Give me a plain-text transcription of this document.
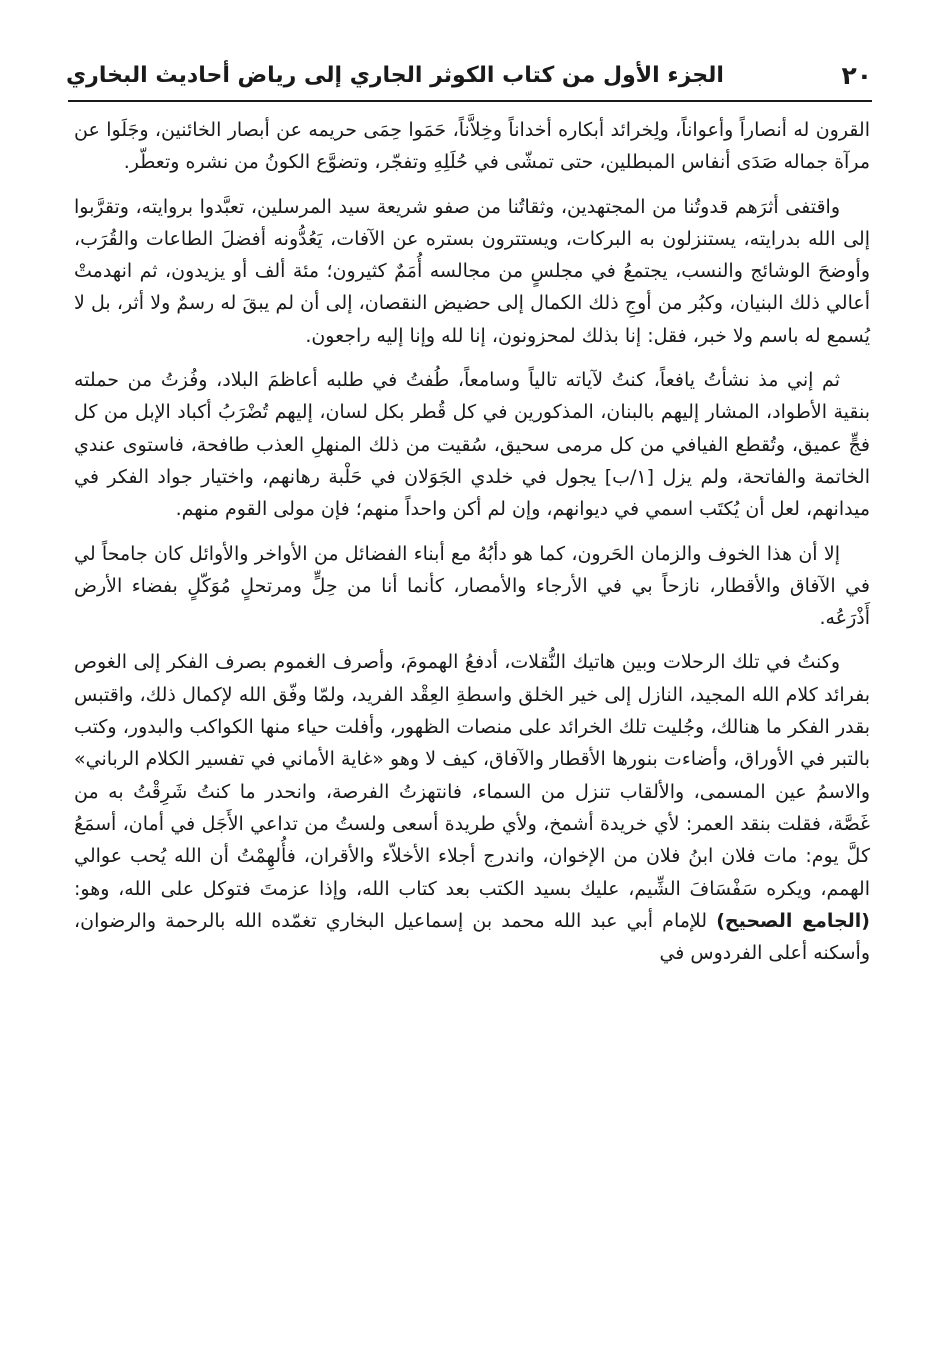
٢٠
الجزء الأول من كتاب الكوثر الجاري إلى رياض أحاديث البخاري

القرون له أنصاراً وأعواناً، ولِخرائد أبكاره أخداناً وخِلاَّناً، حَمَوا حِمَى حريمه عن أبصار الخائنين، وجَلَوا عن مرآة جماله صَدَى أنفاس المبطلين، حتى تمشّى في حُلَلِهِ وتفجّر، وتضوَّع الكونُ من نشره وتعطّر.

واقتفى أثرَهم قدوتُنا من المجتهدين، وثقاتُنا من صفو شريعة سيد المرسلين، تعبَّدوا بروايته، وتقرَّبوا إلى الله بدرايته، يستنزلون به البركات، ويستترون بستره عن الآفات، يَعُدُّونه أفضلَ الطاعات والقُرَب، وأوضحَ الوشائج والنسب، يجتمعُ في مجلسٍ من مجالسه أُمَمٌ كثيرون؛ مئة ألف أو يزيدون، ثم انهدمتْ أعالي ذلك البنيان، وكبُر من أوجِ ذلك الكمال إلى حضيض النقصان، إلى أن لم يبقَ له رسمٌ ولا أثر، بل لا يُسمع له باسم ولا خبر، فقل: إنا بذلك لمحزونون، إنا لله وإنا إليه راجعون.

ثم إني مذ نشأتُ يافعاً، كنتُ لآياته تالياً وسامعاً، طُفتُ في طلبه أعاظمَ البلاد، وفُزتُ من حملته بنقية الأطواد، المشار إليهم بالبنان، المذكورين في كل قُطر بكل لسان، إليهم تُضْرَبُ أكباد الإبل من كل فجٍّ عميق، وتُقطع الفيافي من كل مرمى سحيق، سُقيت من ذلك المنهلِ العذب طافحة، فاستوى عندي الخاتمة والفاتحة، ولم يزل [١/ب] يجول في خلدي الجَوَلان في حَلْبة رهانهم، واختيار جواد الفكر في ميدانهم، لعل أن يُكتَب اسمي في ديوانهم، وإن لم أكن واحداً منهم؛ فإن مولى القوم منهم.

إلا أن هذا الخوف والزمان الحَرون، كما هو دأبُهُ مع أبناء الفضائل من الأواخر والأوائل كان جامحاً لي في الآفاق والأقطار، نازحاً بي في الأرجاء والأمصار، كأنما أنا من حِلٍّ ومرتحلٍ مُوَكّلٍ بفضاء الأرض أَذْرَعُه.

وكنتُ في تلك الرحلات وبين هاتيك النُّقلات، أدفعُ الهمومَ، وأصرف الغموم بصرف الفكر إلى الغوص بفرائد كلام الله المجيد، النازل إلى خير الخلق واسطةِ العِقْد الفريد، ولمّا وفّق الله لإكمال ذلك، واقتبس بقدر الفكر ما هنالك، وجُليت تلك الخرائد على منصات الظهور، وأفلت حياء منها الكواكب والبدور، وكتب بالتبر في الأوراق، وأضاءت بنورها الأقطار والآفاق، كيف لا وهو «غاية الأماني في تفسير الكلام الرباني» والاسمُ عين المسمى، والألقاب تنزل من السماء، فانتهزتُ الفرصة، وانحدر ما كنتُ شَرِقْتُ به من غَصَّة، فقلت بنقد العمر: لأي خريدة أشمخ، ولأي طريدة أسعى ولستُ من تداعي الأَجَل في أمان، أسمَعُ كلَّ يوم: مات فلان ابنُ فلان من الإخوان، واندرج أجلاء الأخلاّء والأقران، فأُلهِمْتُ أن الله يُحب عوالي الهمم، ويكره سَفْسَافَ الشِّيم، عليك بسيد الكتب بعد كتاب الله، وإذا عزمتَ فتوكل على الله، وهو: (الجامع الصحيح) للإمام أبي عبد الله محمد بن إسماعيل البخاري تغمّده الله بالرحمة والرضوان، وأسكنه أعلى الفردوس في
